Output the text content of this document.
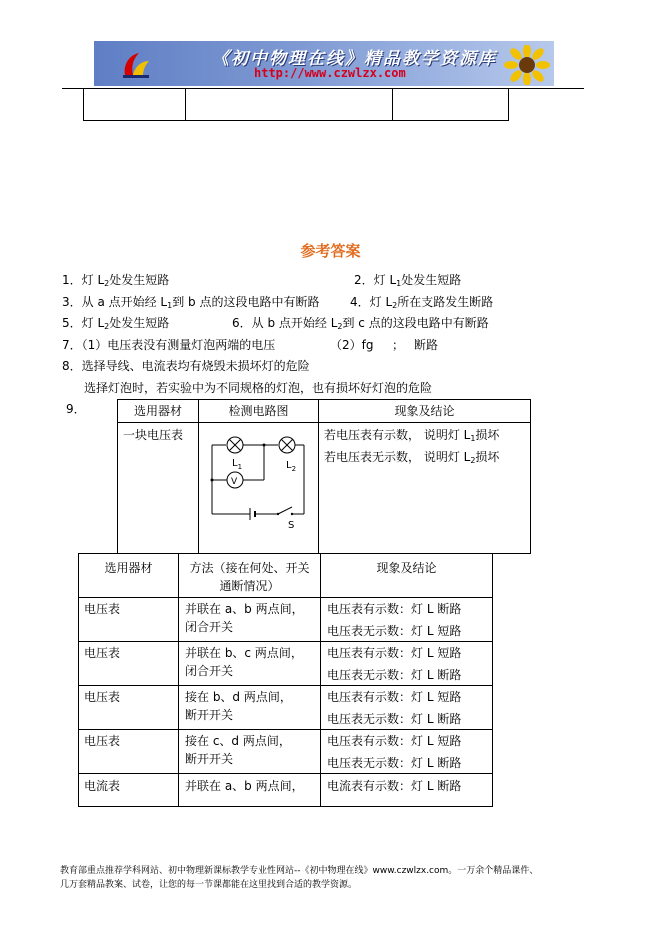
《初中物理在线》精品教学资源库
http://www.czwlzx.com
参考答案
1．灯 $L_2$处发生短路	2．灯 $L_1$处发生短路
3．从 a 点开始经 $L_1$到 b 点的这段电路中有断路	4．灯 $L_2$所在支路发生断路
5．灯 $L_2$处发生短路	6．从 b 点开始经 $L_2$到 c 点的这段电路中有断路
7．（1）电压表没有测量灯泡两端的电压	（2）fg ； 断路
8．选择导线、电流表均有烧毁未损坏灯的危险
选择灯泡时，若实验中为不同规格的灯泡，也有损坏好灯泡的危险
9．	选用器材	检测电路图	现象及结论
一块电压表
$L_1$	$L_2$
V
S
若电压表有示数， 说明灯 $L_1$损坏
若电压表无示数， 说明灯 $L_2$损坏
选用器材	方法（接在何处、开关
通断情况）
现象及结论
电压表	并联在 a、b 两点间，
闭合开关
电压表有示数：灯 L 断路
电压表无示数：灯 L 短路
电压表	并联在 b、c 两点间，
闭合开关
电压表有示数：灯 L 短路
电压表无示数：灯 L 断路
电压表	接在 b、d 两点间，
断开开关
电压表有示数：灯 L 短路
电压表无示数：灯 L 断路
电压表	接在 c、d 两点间，
断开开关
电压表有示数：灯 L 短路
电压表无示数：灯 L 断路
电流表	并联在 a、b 两点间， 电流表有示数：灯 L 断路
教育部重点推荐学科网站、初中物理新课标教学专业性网站--《初中物理在线》www.czwlzx.com。一万余个精品课件、
几万套精品教案、试卷，让您的每一节课都能在这里找到合适的教学资源。
